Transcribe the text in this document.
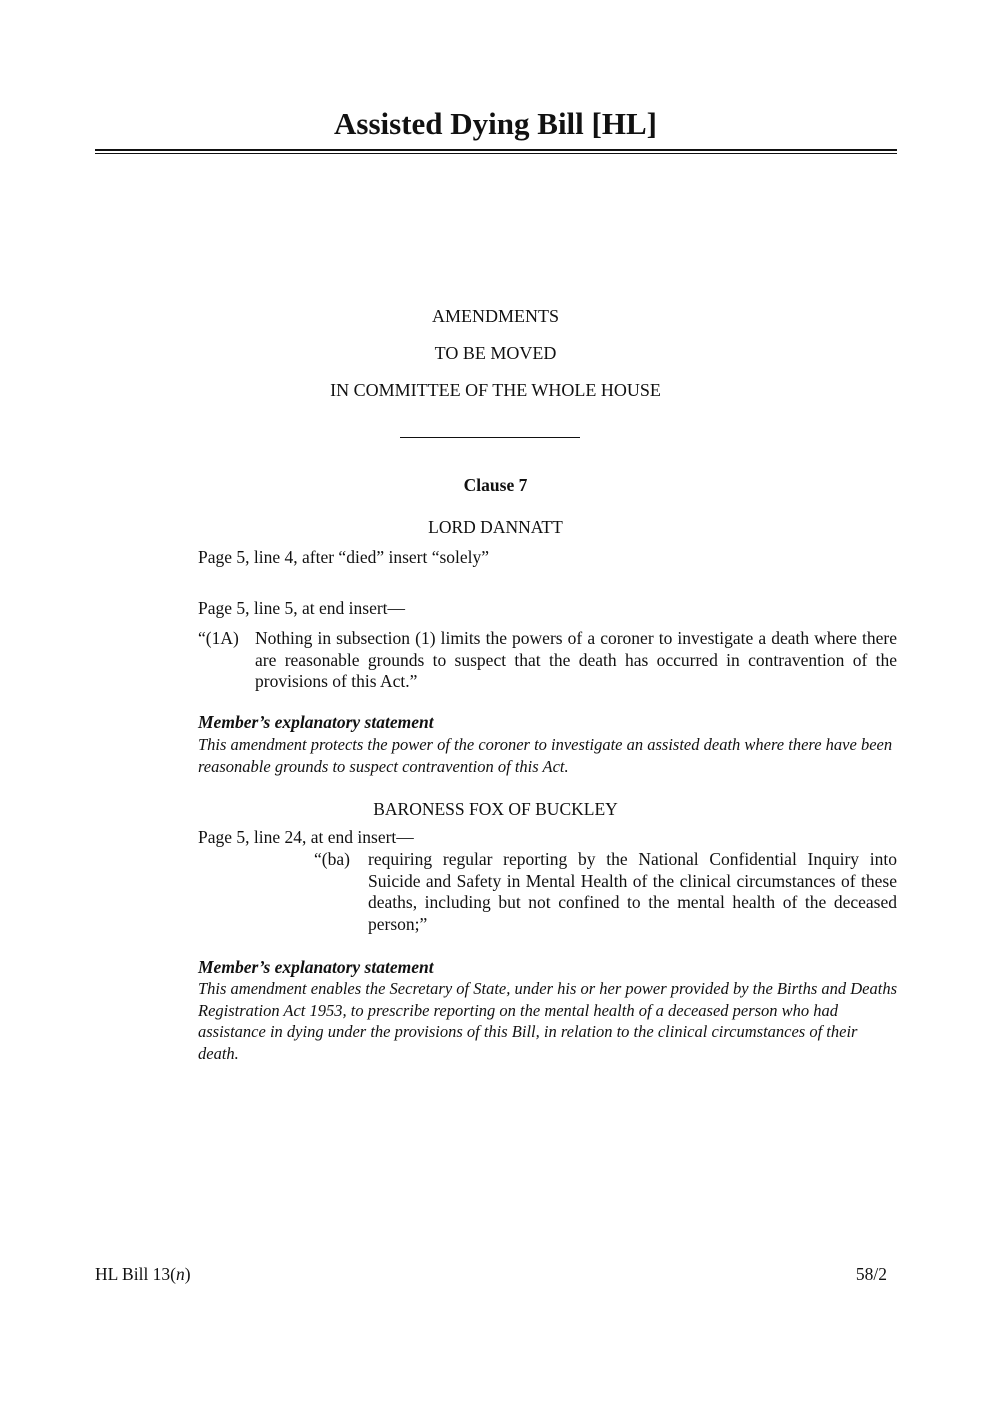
Assisted Dying Bill [HL]
AMENDMENTS
TO BE MOVED
IN COMMITTEE OF THE WHOLE HOUSE
Clause 7
LORD DANNATT
Page 5, line 4, after “died” insert “solely”
Page 5, line 5, at end insert—
“(1A) Nothing in subsection (1) limits the powers of a coroner to investigate a death where there are reasonable grounds to suspect that the death has occurred in contravention of the provisions of this Act.”
Member’s explanatory statement
This amendment protects the power of the coroner to investigate an assisted death where there have been reasonable grounds to suspect contravention of this Act.
BARONESS FOX OF BUCKLEY
Page 5, line 24, at end insert—
“(ba)	requiring regular reporting by the National Confidential Inquiry into Suicide and Safety in Mental Health of the clinical circumstances of these deaths, including but not confined to the mental health of the deceased person;”
Member’s explanatory statement
This amendment enables the Secretary of State, under his or her power provided by the Births and Deaths Registration Act 1953, to prescribe reporting on the mental health of a deceased person who had assistance in dying under the provisions of this Bill, in relation to the clinical circumstances of their death.
HL Bill 13(n)	58/2
